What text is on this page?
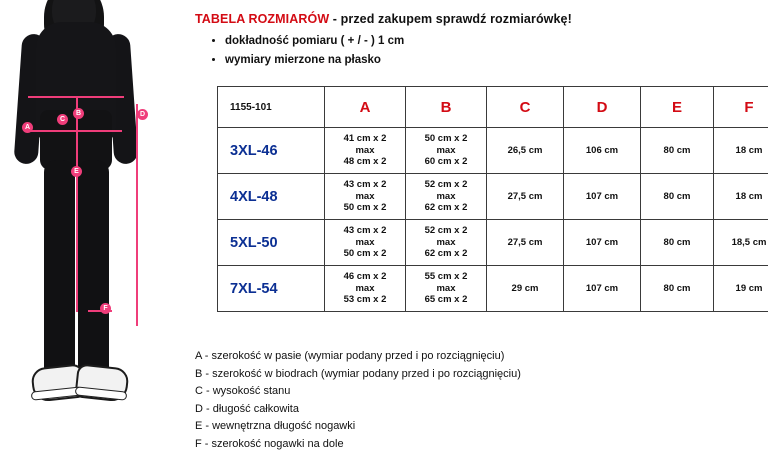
A
B
C
D
E
F
TABELA ROZMIARÓW - przed zakupem sprawdź rozmiarówkę!
• dokładność pomiaru ( + / - ) 1 cm
• wymiary mierzone na płasko
1155-101	A	B	C	D	E	F
3XL-46	41 cm x 2
max
48 cm x 2	50 cm x 2
max
60 cm x 2	26,5 cm	106 cm	80 cm	18 cm
4XL-48	43 cm x 2
max
50 cm x 2	52 cm x 2
max
62 cm x 2	27,5 cm	107 cm	80 cm	18 cm
5XL-50	43 cm x 2
max
50 cm x 2	52 cm x 2
max
62 cm x 2	27,5 cm	107 cm	80 cm	18,5 cm
7XL-54	46 cm x 2
max
53 cm x 2	55 cm x 2
max
65 cm x 2	29 cm	107 cm	80 cm	19 cm
A - szerokość w pasie (wymiar podany przed i po rozciągnięciu)
B - szerokość w biodrach (wymiar podany przed i po rozciągnięciu)
C - wysokość stanu
D - długość całkowita
E - wewnętrzna długość nogawki
F - szerokość nogawki na dole
